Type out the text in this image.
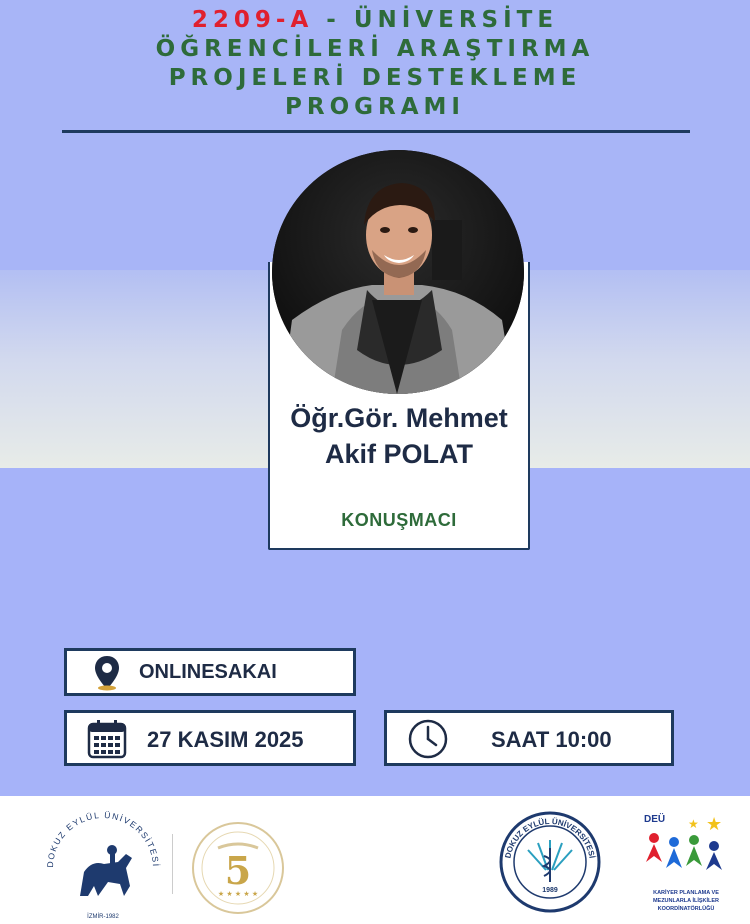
2209-A - ÜNİVERSİTE ÖĞRENCİLERİ ARAŞTIRMA PROJELERİ DESTEKLEME PROGRAMI
Öğr.Gör. Mehmet
Akif POLAT
KONUŞMACI
ONLINESAKAI
27 KASIM 2025	SAAT 10:00
DOKUZ EYLÜL ÜNİVERSİTESİ
İZMİR-1982
5
★ ★ ★ ★ ★
DOKUZ EYLÜL ÜNİVERSİTESİ
1989
DEÜ ★
★
KARİYER PLANLAMA VE
MEZUNLARLA İLİŞKİLER
KOORDİNATÖRLÜĞÜ
